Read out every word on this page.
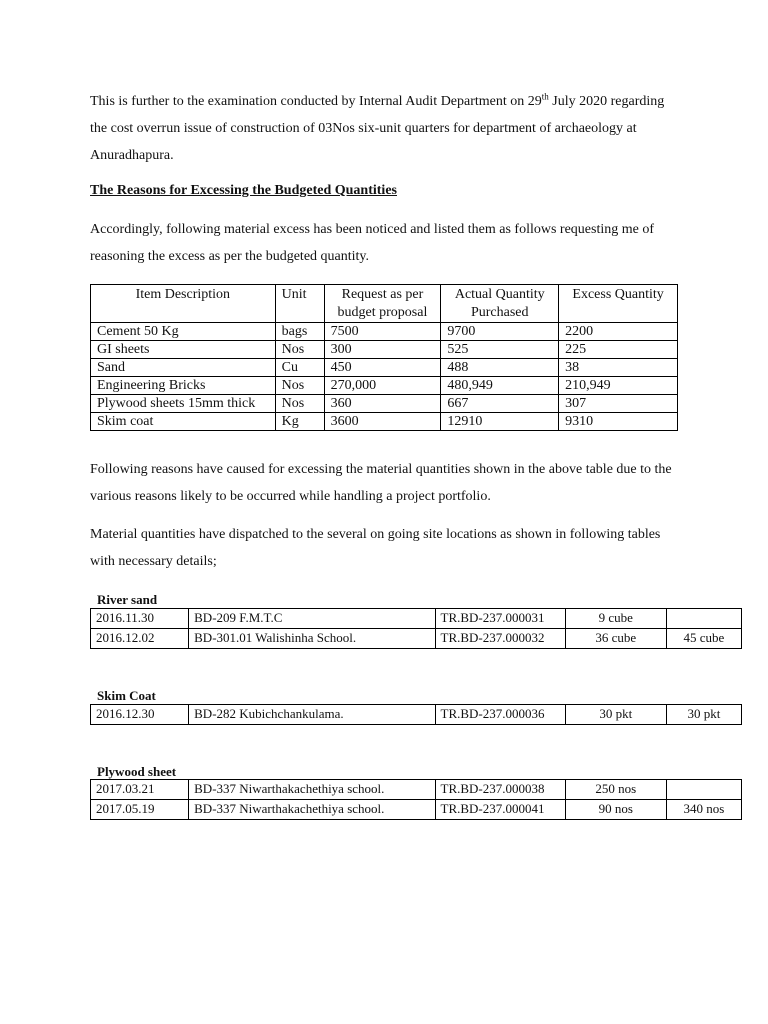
This is further to the examination conducted by Internal Audit Department on 29th July 2020 regarding the cost overrun issue of construction of 03Nos six-unit quarters for department of archaeology at Anuradhapura.

The Reasons for Excessing the Budgeted Quantities

Accordingly, following material excess has been noticed and listed them as follows requesting me of reasoning the excess as per the budgeted quantity.

Item Description	Unit	Request as per budget proposal	Actual Quantity Purchased	Excess Quantity
Cement 50 Kg	bags	7500	9700	2200
GI sheets	Nos	300	525	225
Sand	Cu	450	488	38
Engineering Bricks	Nos	270,000	480,949	210,949
Plywood sheets 15mm thick	Nos	360	667	307
Skim coat	Kg	3600	12910	9310

Following reasons have caused for excessing the material quantities shown in the above table due to the various reasons likely to be occurred while handling a project portfolio.

Material quantities have dispatched to the several on going site locations as shown in following tables with necessary details;

River sand

2016.11.30	BD-209 F.M.T.C	TR.BD-237.000031	9 cube	
2016.12.02	BD-301.01 Walishinha School.	TR.BD-237.000032	36 cube	45 cube

Skim Coat

2016.12.30	BD-282 Kubichchankulama.	TR.BD-237.000036	30 pkt	30 pkt

Plywood sheet

2017.03.21	BD-337 Niwarthakachethiya school.	TR.BD-237.000038	250 nos	
2017.05.19	BD-337 Niwarthakachethiya school.	TR.BD-237.000041	90 nos	340 nos
